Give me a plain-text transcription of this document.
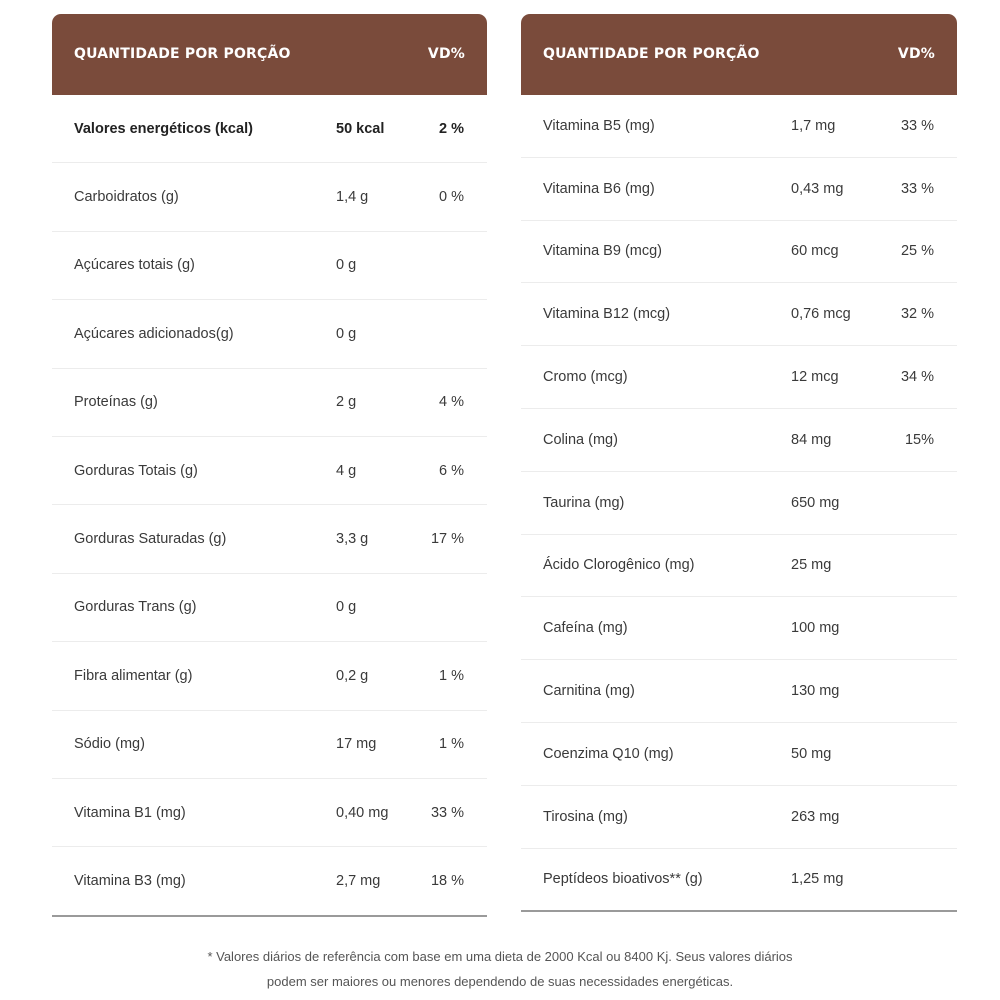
QUANTIDADE POR PORÇÃO	VD%
Valores energéticos (kcal)	50 kcal	2 %
Carboidratos (g)	1,4 g	0 %
Açúcares totais (g)	0 g
Açúcares adicionados(g)	0 g
Proteínas (g)	2 g	4 %
Gorduras Totais (g)	4 g	6 %
Gorduras Saturadas (g)	3,3 g	17 %
Gorduras Trans (g)	0 g
Fibra alimentar (g)	0,2 g	1 %
Sódio (mg)	17 mg	1 %
Vitamina B1 (mg)	0,40 mg	33 %
Vitamina B3 (mg)	2,7 mg	18 %
QUANTIDADE POR PORÇÃO	VD%
Vitamina B5 (mg)	1,7 mg	33 %
Vitamina B6 (mg)	0,43 mg	33 %
Vitamina B9 (mcg)	60 mcg	25 %
Vitamina B12 (mcg)	0,76 mcg	32 %
Cromo (mcg)	12 mcg	34 %
Colina (mg)	84 mg	15%
Taurina (mg)	650 mg
Ácido Clorogênico (mg)	25 mg
Cafeína (mg)	100 mg
Carnitina (mg)	130 mg
Coenzima Q10 (mg)	50 mg
Tirosina (mg)	263 mg
Peptídeos bioativos** (g)	1,25 mg
* Valores diários de referência com base em uma dieta de 2000 Kcal ou 8400 Kj. Seus valores diários
podem ser maiores ou menores dependendo de suas necessidades energéticas.
